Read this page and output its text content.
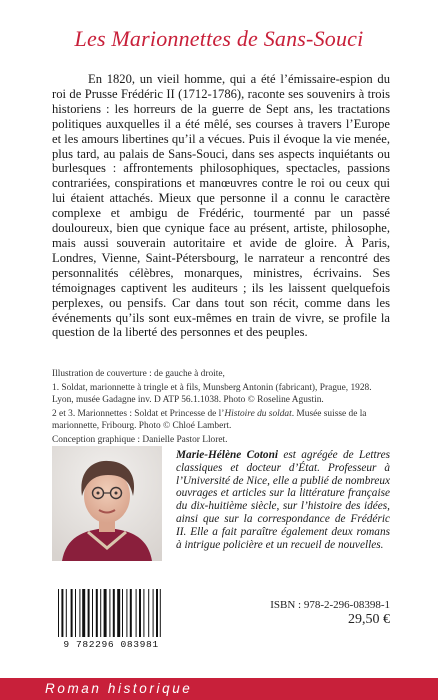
Les Marionnettes de Sans-Souci

En 1820, un vieil homme, qui a été l’émissaire-espion du roi de Prusse Frédéric II (1712-1786), raconte ses souvenirs à trois historiens : les horreurs de la guerre de Sept ans, les tractations politiques auxquelles il a été mêlé, ses courses à travers l’Europe et les amours libertines qu’il a vécues. Puis il évoque la vie menée, plus tard, au palais de Sans-Souci, dans ses aspects inquiétants ou burlesques : affrontements philosophiques, spectacles, passions contrariées, conspirations et manœuvres contre le roi ou ceux qui lui étaient attachés. Mieux que personne il a connu le caractère complexe et ambigu de Frédéric, tourmenté par un passé douloureux, bien que cynique face au présent, artiste, philosophe, mais aussi souverain autoritaire et avide de gloire. À Paris, Londres, Vienne, Saint-Pétersbourg, le narrateur a rencontré des personnalités célèbres, monarques, ministres, écrivains. Ses témoignages captivent les auditeurs ; ils les laissent quelquefois perplexes, ou pensifs. Car dans tout son récit, comme dans les événements qu’ils sont eux-mêmes en train de vivre, se profile la question de la liberté des personnes et des peuples.

Illustration de couverture : de gauche à droite,

1. Soldat, marionnette à tringle et à fils, Munsberg Antonin (fabricant), Prague, 1928. Lyon, musée Gadagne inv. D ATP 56.1.1038. Photo © Roseline Agustin.

2 et 3. Marionnettes : Soldat et Princesse de l’Histoire du soldat. Musée suisse de la marionnette, Fribourg. Photo © Chloé Lambert.

Conception graphique : Danielle Pastor Lloret.

Marie-Hélène Cotoni est agrégée de Lettres classiques et docteur d’État. Professeur à l’Université de Nice, elle a publié de nombreux ouvrages et articles sur la littérature française du dix-huitième siècle, sur l’histoire des idées, ainsi que sur la correspondance de Frédéric II. Elle a fait paraître également deux romans à intrigue policière et un recueil de nouvelles.

9 782296 083981
ISBN : 978-2-296-08398-1
29,50 €
Roman historique
